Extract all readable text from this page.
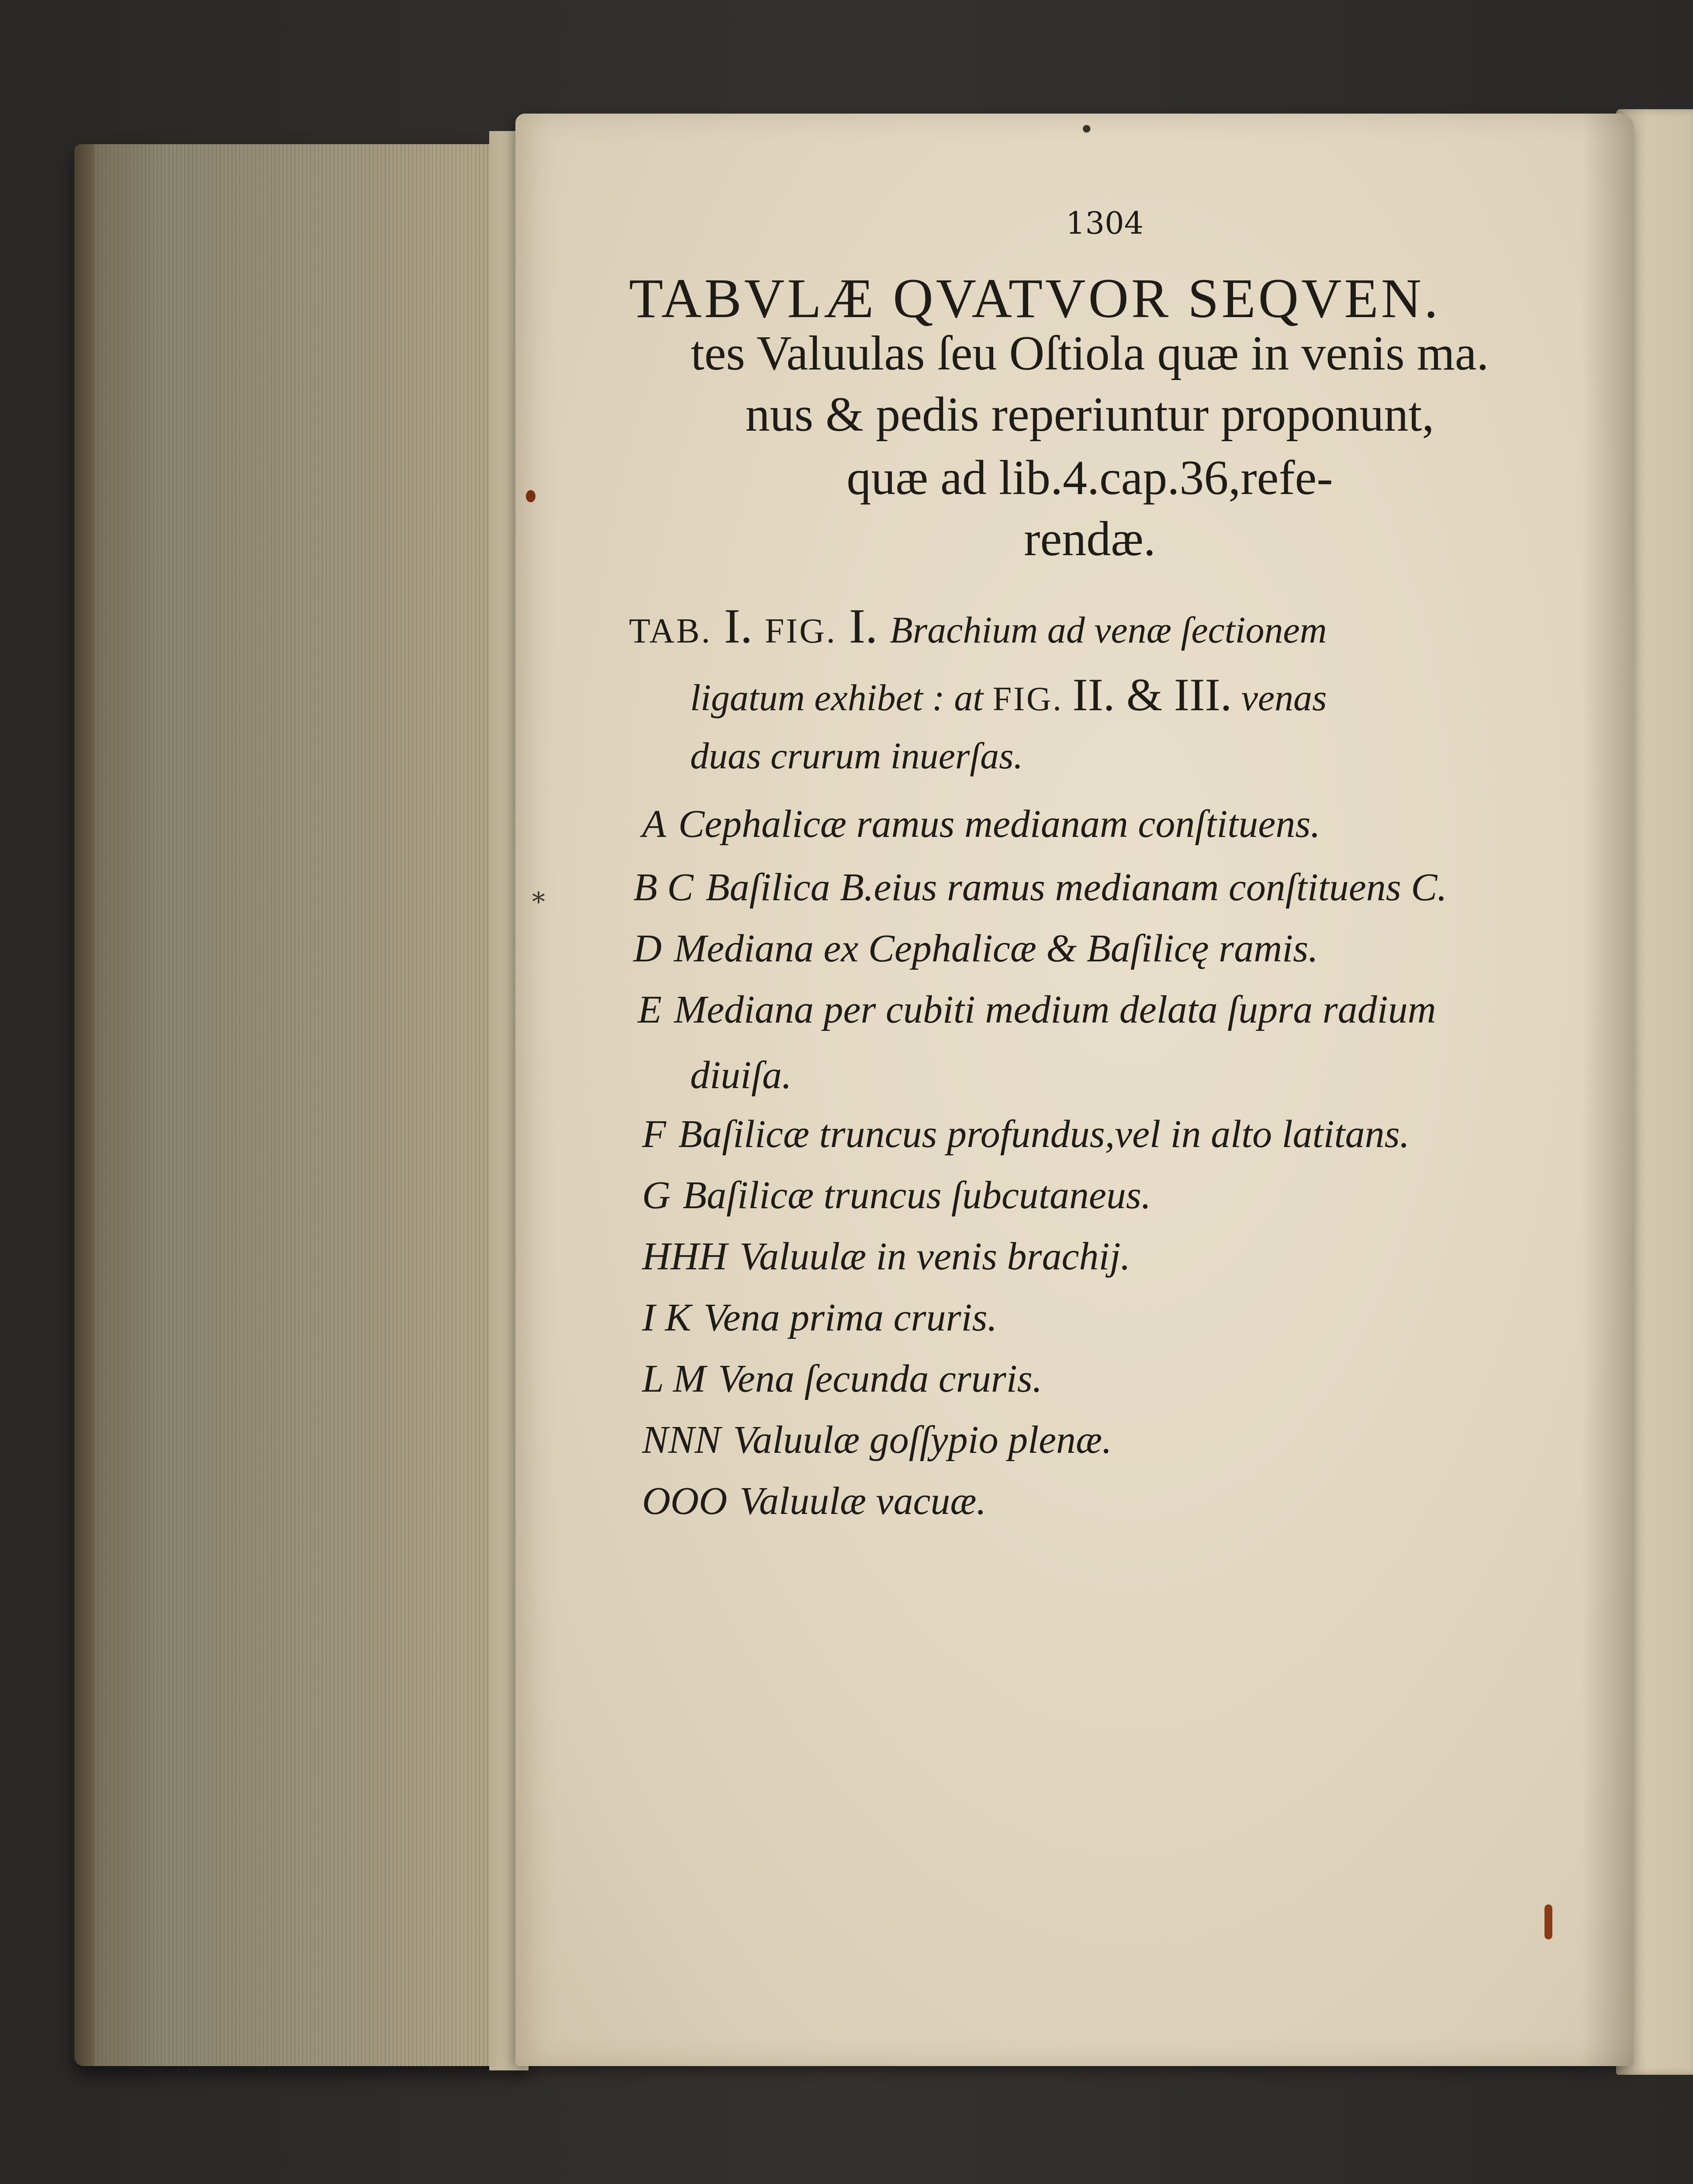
•
*
1304
TABVLÆ QVATVOR SEQVEN.
tes Valuulas ſeu Oſtiola quæ in venis ma.
nus & pedis reperiuntur proponunt,
quæ ad lib.4.cap.36,refe-
rendæ.
TAB. I. FIG. I. Brachium ad venæ ſectionem
ligatum exhibet : at FIG. II. & III. venas
duas crurum inuerſas.
A Cephalicæ ramus medianam conſtituens.
B C Baſilica B.eius ramus medianam conſtituens C.
D Mediana ex Cephalicæ & Baſilicę ramis.
E Mediana per cubiti medium delata ſupra radium
diuiſa.
F Baſilicæ truncus profundus,vel in alto latitans.
G Baſilicæ truncus ſubcutaneus.
HHH Valuulæ in venis brachij.
I K Vena prima cruris.
L M Vena ſecunda cruris.
NNN Valuulæ goſſypio plenæ.
OOO Valuulæ vacuæ.
